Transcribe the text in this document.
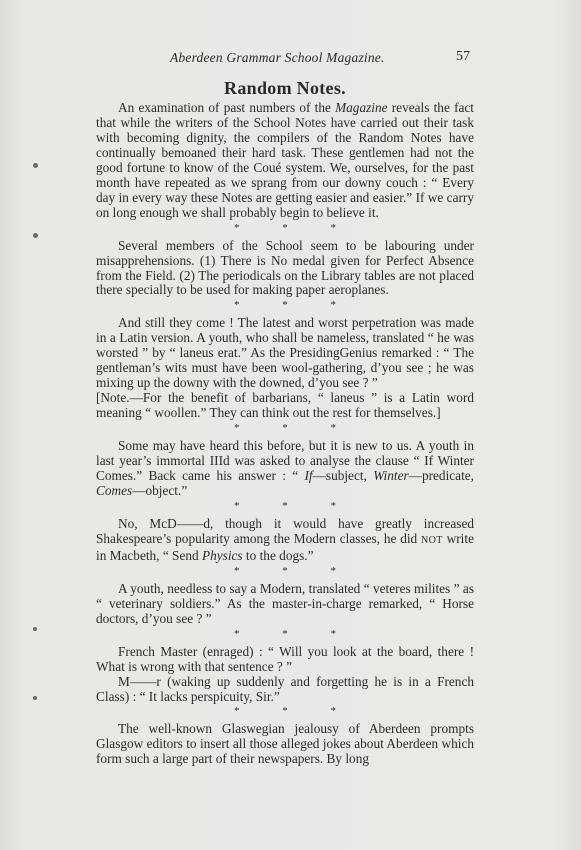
Aberdeen Grammar School Magazine.	57
Random Notes.

An examination of past numbers of the Magazine reveals the fact that while the writers of the School Notes have carried out their task with becoming dignity, the compilers of the Random Notes have continually bemoaned their hard task. These gentlemen had not the good fortune to know of the Coué system. We, ourselves, for the past month have repeated as we sprang from our downy couch : “ Every day in every way these Notes are getting easier and easier.” If we carry on long enough we shall probably begin to believe it.

* * *

Several members of the School seem to be labouring under misapprehensions. (1) There is No medal given for Perfect Absence from the Field. (2) The periodicals on the Library tables are not placed there specially to be used for making paper aeroplanes.

* * *

And still they come ! The latest and worst perpetration was made in a Latin version. A youth, who shall be nameless, translated “ he was worsted ” by “ laneus erat.” As the PresidingGenius remarked : “ The gentleman’s wits must have been wool-gathering, d’you see ; he was mixing up the downy with the downed, d’you see ? ”

[Note.—For the benefit of barbarians, “ laneus ” is a Latin word meaning “ woollen.” They can think out the rest for themselves.]

* * *

Some may have heard this before, but it is new to us. A youth in last year’s immortal IIId was asked to analyse the clause “ If Winter Comes.” Back came his answer : “ If—subject, Winter—predicate, Comes—object.”

* * *

No, McD——d, though it would have greatly increased Shakespeare’s popularity among the Modern classes, he did NOT write in Macbeth, “ Send Physics to the dogs.”

* * *

A youth, needless to say a Modern, translated “ veteres milites ” as “ veterinary soldiers.” As the master-in-charge remarked, “ Horse doctors, d’you see ? ”

* * *

French Master (enraged) : “ Will you look at the board, there ! What is wrong with that sentence ? ”

M——r (waking up suddenly and forgetting he is in a French Class) : “ It lacks perspicuity, Sir.”

* * *

The well-known Glaswegian jealousy of Aberdeen prompts Glasgow editors to insert all those alleged jokes about Aberdeen which form such a large part of their newspapers. By long
